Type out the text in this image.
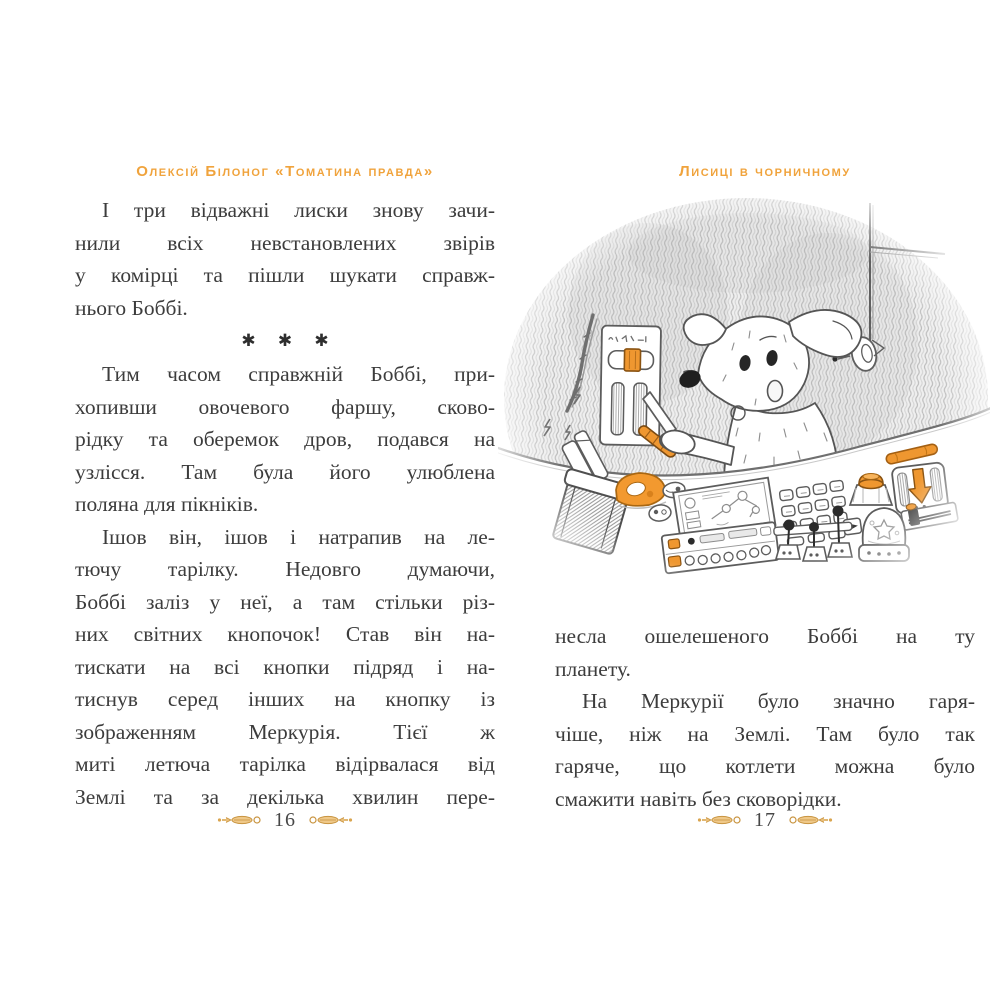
Олексій Білоног «Томатина правда»
І три відважні лиски знову зачи-
нили всіх невстановлених звірів
у комірці та пішли шукати справж-
нього Боббі.
✱ ✱ ✱
Тим часом справжній Боббі, при-
хопивши овочевого фаршу, сково-
рідку та оберемок дров, подався на
узлісся. Там була його улюблена
поляна для пікніків.
Ішов він, ішов і натрапив на ле-
тючу тарілку. Недовго думаючи,
Боббі заліз у неї, а там стільки різ-
них світних кнопочок! Став він на-
тискати на всі кнопки підряд і на-
тиснув серед інших на кнопку із
зображенням Меркурія. Тієї ж
миті летюча тарілка відірвалася від
Землі та за декілька хвилин пере-
16
Лисиці в чорничному
несла ошелешеного Боббі на ту
планету.
На Меркурії було значно гаря-
чіше, ніж на Землі. Там було так
гаряче, що котлети можна було
смажити навіть без сковорідки.
17
